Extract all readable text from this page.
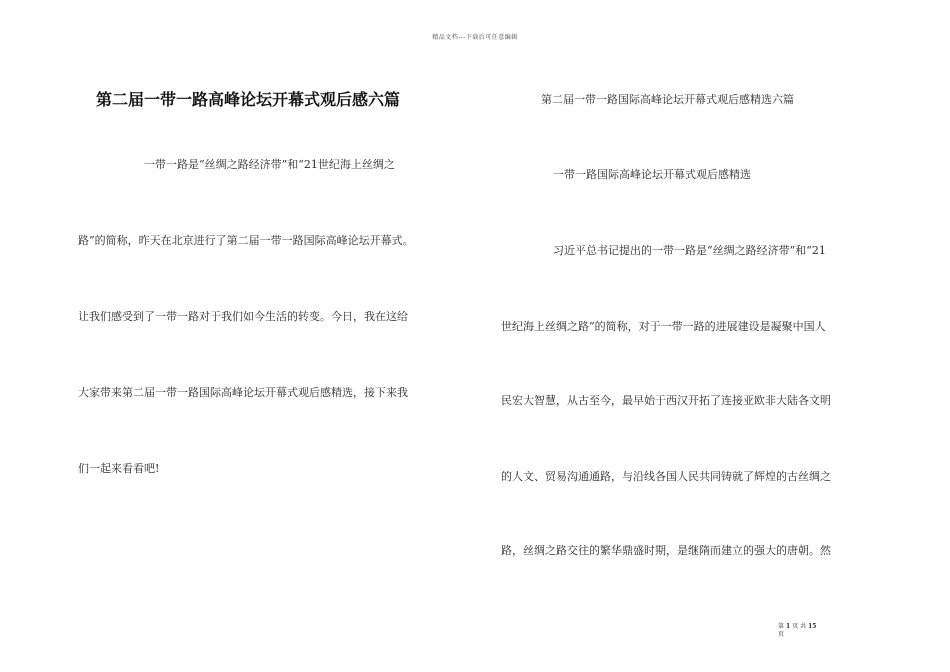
精品文档---下载后可任意编辑
第二届一带一路高峰论坛开幕式观后感六篇
一带一路是“丝绸之路经济带”和“21世纪海上丝绸之
路”的简称，昨天在北京进行了第二届一带一路国际高峰论坛开幕式。
让我们感受到了一带一路对于我们如今生活的转变。今日，我在这给
大家带来第二届一带一路国际高峰论坛开幕式观后感精选，接下来我
们一起来看看吧!
第二届一带一路国际高峰论坛开幕式观后感精选六篇
一带一路国际高峰论坛开幕式观后感精选
习近平总书记提出的一带一路是“丝绸之路经济带”和“21
世纪海上丝绸之路”的简称，对于一带一路的进展建设是凝聚中国人
民宏大智慧，从古至今，最早始于西汉开拓了连接亚欧非大陆各文明
的人文、贸易沟通通路，与沿线各国人民共同铸就了辉煌的古丝绸之
路，丝绸之路交往的繁华鼎盛时期，是继隋而建立的强大的唐朝。然
第 1 页 共 15
页
